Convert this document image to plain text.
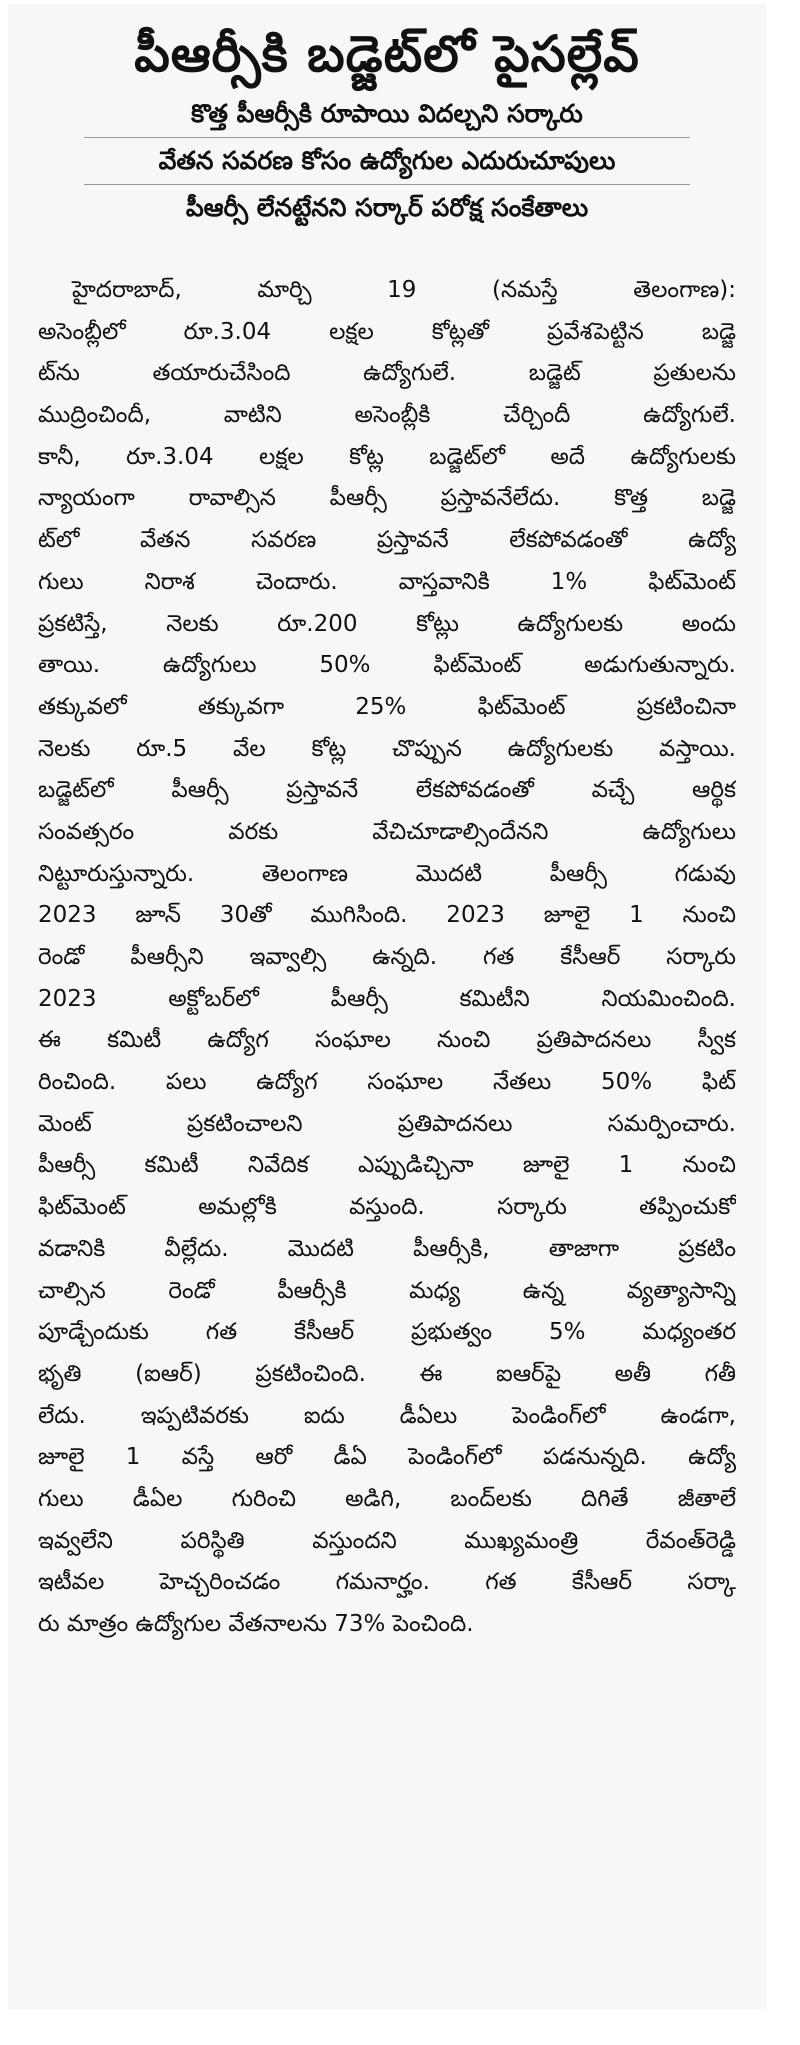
పీఆర్సీకి బడ్జెట్‌లో పైసల్లేవ్
కొత్త పీఆర్సీకి రూపాయి విదల్చని సర్కారు
వేతన సవరణ కోసం ఉద్యోగుల ఎదురుచూపులు
పీఆర్సీ లేనట్టేనని సర్కార్ పరోక్ష సంకేతాలు
హైదరాబాద్, మార్చి 19 (నమస్తే తెలంగాణ):
అసెంబ్లీలో రూ.3.04 లక్షల కోట్లతో ప్రవేశపెట్టిన బడ్జె
ట్‌ను తయారుచేసింది ఉద్యోగులే. బడ్జెట్ ప్రతులను
ముద్రించిందీ, వాటిని అసెంబ్లీకి చేర్చిందీ ఉద్యోగులే.
కానీ, రూ.3.04 లక్షల కోట్ల బడ్జెట్‌లో అదే ఉద్యోగులకు
న్యాయంగా రావాల్సిన పీఆర్సీ ప్రస్తావనేలేదు. కొత్త బడ్జె
ట్‌లో వేతన సవరణ ప్రస్తావనే లేకపోవడంతో ఉద్యో
గులు నిరాశ చెందారు. వాస్తవానికి 1% ఫిట్‌మెంట్
ప్రకటిస్తే, నెలకు రూ.200 కోట్లు ఉద్యోగులకు అందు
తాయి. ఉద్యోగులు 50% ఫిట్‌మెంట్ అడుగుతున్నారు.
తక్కువలో తక్కువగా 25% ఫిట్‌మెంట్ ప్రకటించినా
నెలకు రూ.5 వేల కోట్ల చొప్పున ఉద్యోగులకు వస్తాయి.
బడ్జెట్‌లో పీఆర్సీ ప్రస్తావనే లేకపోవడంతో వచ్చే ఆర్థిక
సంవత్సరం వరకు వేచిచూడాల్సిందేనని ఉద్యోగులు
నిట్టూరుస్తున్నారు. తెలంగాణ మొదటి పీఆర్సీ గడువు
2023 జూన్ 30తో ముగిసింది. 2023 జూలై 1 నుంచి
రెండో పీఆర్సీని ఇవ్వాల్సి ఉన్నది. గత కేసీఆర్ సర్కారు
2023 అక్టోబర్‌లో పీఆర్సీ కమిటీని నియమించింది.
ఈ కమిటీ ఉద్యోగ సంఘాల నుంచి ప్రతిపాదనలు స్వీక
రించింది. పలు ఉద్యోగ సంఘాల నేతలు 50% ఫిట్
మెంట్ ప్రకటించాలని ప్రతిపాదనలు సమర్పించారు.
పీఆర్సీ కమిటీ నివేదిక ఎప్పుడిచ్చినా జూలై 1 నుంచి
ఫిట్‌మెంట్ అమల్లోకి వస్తుంది. సర్కారు తప్పించుకో
వడానికి వీల్లేదు. మొదటి పీఆర్సీకి, తాజాగా ప్రకటిం
చాల్సిన రెండో పీఆర్సీకి మధ్య ఉన్న వ్యత్యాసాన్ని
పూడ్చేందుకు గత కేసీఆర్ ప్రభుత్వం 5% మధ్యంతర
భృతి (ఐఆర్) ప్రకటించింది. ఈ ఐఆర్‌పై అతీ గతీ
లేదు. ఇప్పటివరకు ఐదు డీఏలు పెండింగ్‌లో ఉండగా,
జూలై 1 వస్తే ఆరో డీఏ పెండింగ్‌లో పడనున్నది. ఉద్యో
గులు డీఏల గురించి అడిగి, బంద్‌లకు దిగితే జీతాలే
ఇవ్వలేని పరిస్థితి వస్తుందని ముఖ్యమంత్రి రేవంత్‌రెడ్డి
ఇటీవల హెచ్చరించడం గమనార్హం. గత కేసీఆర్ సర్కా
రు మాత్రం ఉద్యోగుల వేతనాలను 73% పెంచింది.
